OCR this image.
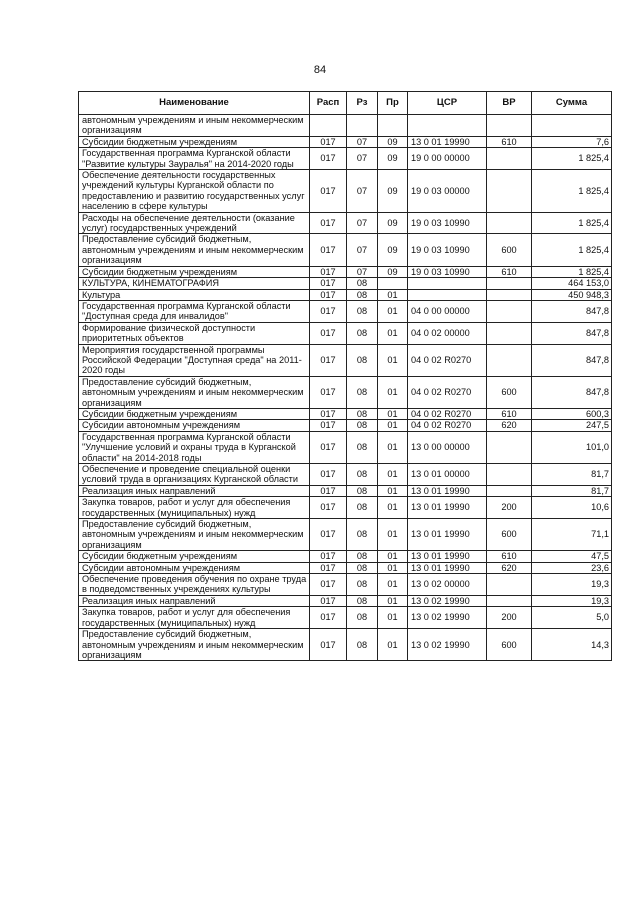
84
Наименование	Расп	Рз	Пр	ЦСР	ВР	Сумма
автономным учреждениям и иным некоммерческим организациям						
Субсидии бюджетным учреждениям	017	07	09	13 0 01 19990	610	7,6
Государственная программа Курганской области "Развитие культуры Зауралья" на 2014-2020 годы	017	07	09	19 0 00 00000		1 825,4
Обеспечение деятельности государственных учреждений культуры Курганской области по предоставлению и развитию государственных услуг населению в сфере культуры	017	07	09	19 0 03 00000		1 825,4
Расходы на обеспечение деятельности (оказание услуг) государственных учреждений	017	07	09	19 0 03 10990		1 825,4
Предоставление субсидий бюджетным, автономным учреждениям и иным некоммерческим организациям	017	07	09	19 0 03 10990	600	1 825,4
Субсидии бюджетным учреждениям	017	07	09	19 0 03 10990	610	1 825,4
КУЛЬТУРА, КИНЕМАТОГРАФИЯ	017	08				464 153,0
Культура	017	08	01			450 948,3
Государственная программа Курганской области "Доступная среда для инвалидов"	017	08	01	04 0 00 00000		847,8
Формирование физической доступности приоритетных объектов	017	08	01	04 0 02 00000		847,8
Мероприятия государственной программы Российской Федерации "Доступная среда" на 2011-2020 годы	017	08	01	04 0 02 R0270		847,8
Предоставление субсидий бюджетным, автономным учреждениям и иным некоммерческим организациям	017	08	01	04 0 02 R0270	600	847,8
Субсидии бюджетным учреждениям	017	08	01	04 0 02 R0270	610	600,3
Субсидии автономным учреждениям	017	08	01	04 0 02 R0270	620	247,5
Государственная программа Курганской области "Улучшение условий и охраны труда в Курганской области" на 2014-2018 годы	017	08	01	13 0 00 00000		101,0
Обеспечение и проведение специальной оценки условий труда в организациях Курганской области	017	08	01	13 0 01 00000		81,7
Реализация иных направлений	017	08	01	13 0 01 19990		81,7
Закупка товаров, работ и услуг для обеспечения государственных (муниципальных) нужд	017	08	01	13 0 01 19990	200	10,6
Предоставление субсидий бюджетным, автономным учреждениям и иным некоммерческим организациям	017	08	01	13 0 01 19990	600	71,1
Субсидии бюджетным учреждениям	017	08	01	13 0 01 19990	610	47,5
Субсидии автономным учреждениям	017	08	01	13 0 01 19990	620	23,6
Обеспечение проведения обучения по охране труда в подведомственных учреждениях культуры	017	08	01	13 0 02 00000		19,3
Реализация иных направлений	017	08	01	13 0 02 19990		19,3
Закупка товаров, работ и услуг для обеспечения государственных (муниципальных) нужд	017	08	01	13 0 02 19990	200	5,0
Предоставление субсидий бюджетным, автономным учреждениям и иным некоммерческим организациям	017	08	01	13 0 02 19990	600	14,3
